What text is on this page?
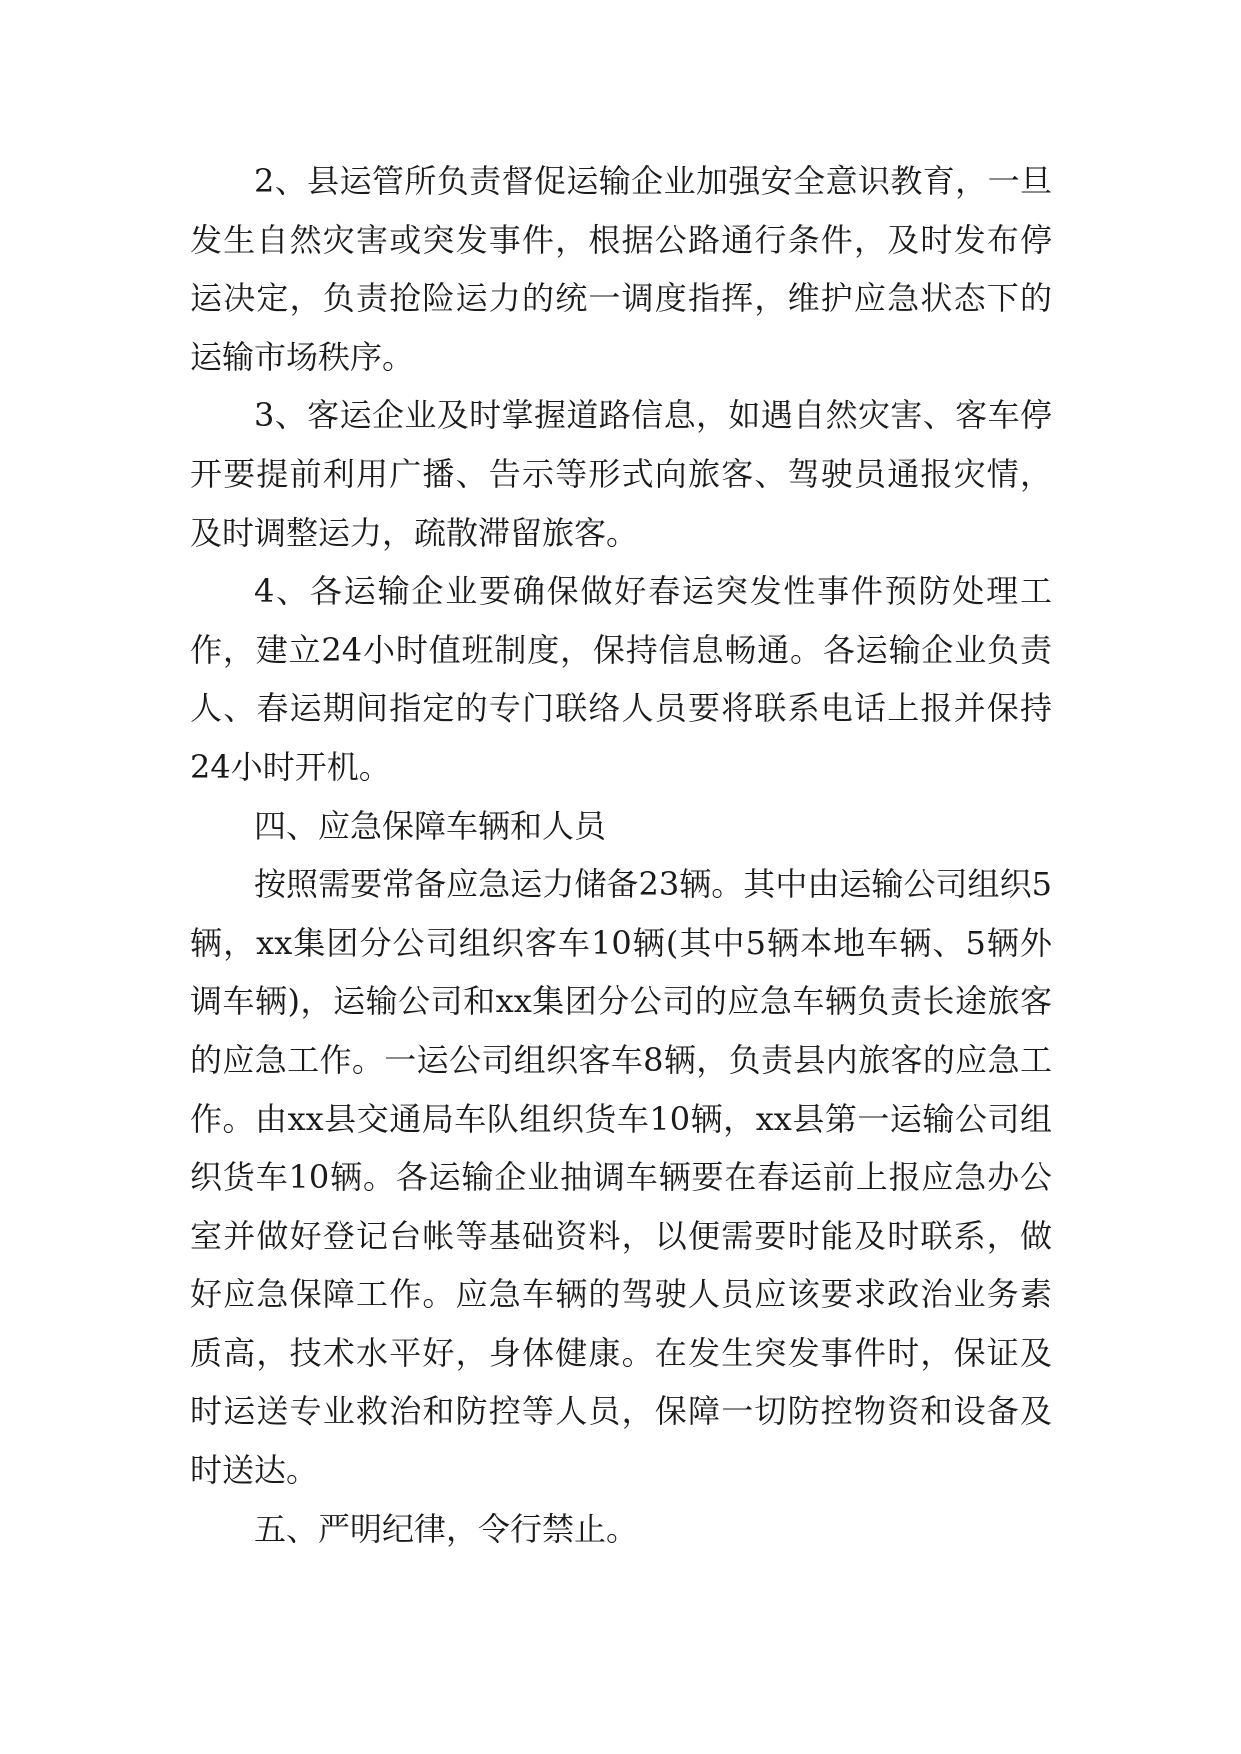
2、县运管所负责督促运输企业加强安全意识教育，一旦发生自然灾害或突发事件，根据公路通行条件，及时发布停运决定，负责抢险运力的统一调度指挥，维护应急状态下的运输市场秩序。

3、客运企业及时掌握道路信息，如遇自然灾害、客车停开要提前利用广播、告示等形式向旅客、驾驶员通报灾情，及时调整运力，疏散滞留旅客。

4、各运输企业要确保做好春运突发性事件预防处理工作，建立24小时值班制度，保持信息畅通。各运输企业负责人、春运期间指定的专门联络人员要将联系电话上报并保持24小时开机。

四、应急保障车辆和人员

按照需要常备应急运力储备23辆。其中由运输公司组织5辆，xx集团分公司组织客车10辆(其中5辆本地车辆、5辆外调车辆)，运输公司和xx集团分公司的应急车辆负责长途旅客的应急工作。一运公司组织客车8辆，负责县内旅客的应急工作。由xx县交通局车队组织货车10辆，xx县第一运输公司组织货车10辆。各运输企业抽调车辆要在春运前上报应急办公室并做好登记台帐等基础资料，以便需要时能及时联系，做好应急保障工作。应急车辆的驾驶人员应该要求政治业务素质高，技术水平好，身体健康。在发生突发事件时，保证及时运送专业救治和防控等人员，保障一切防控物资和设备及时送达。

五、严明纪律，令行禁止。
